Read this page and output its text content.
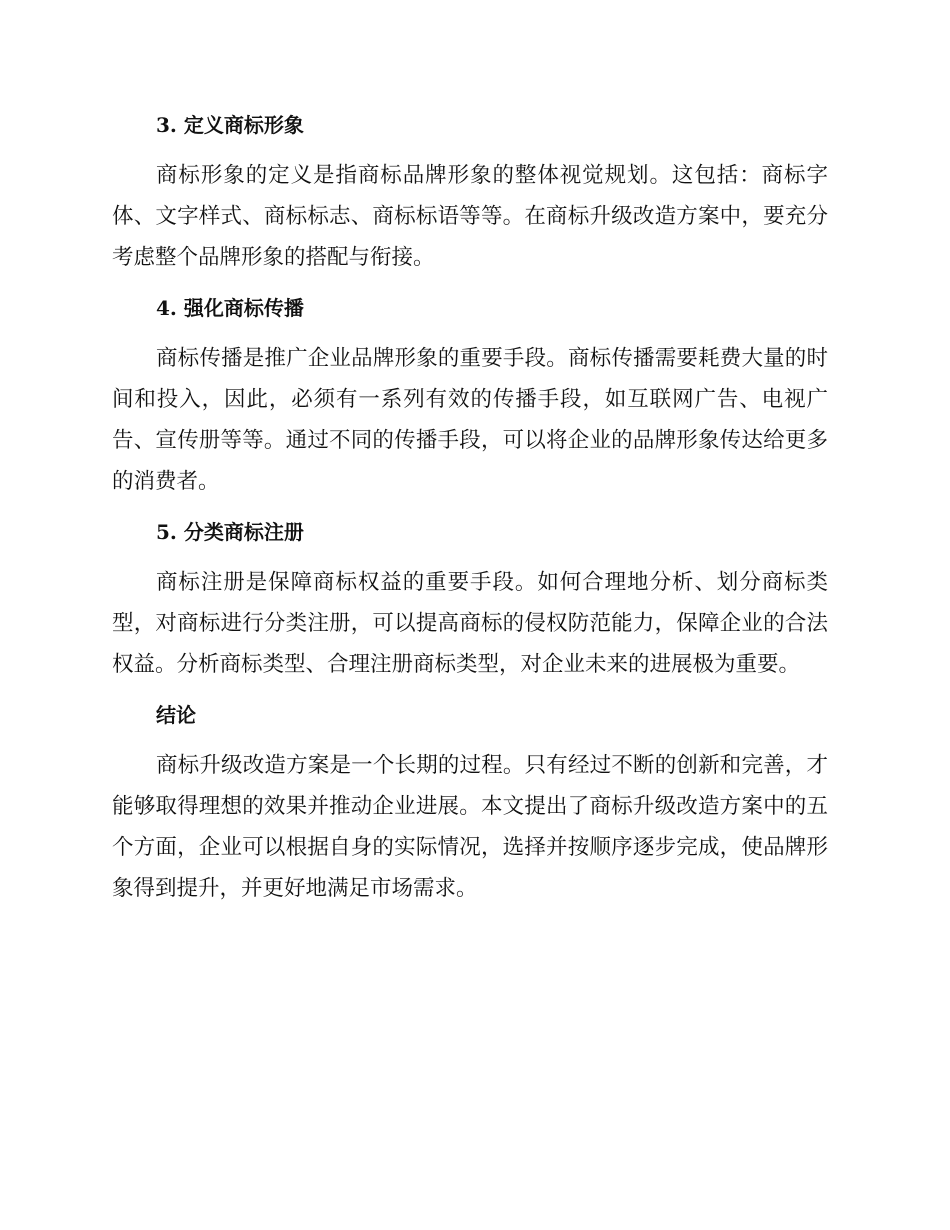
3. 定义商标形象

商标形象的定义是指商标品牌形象的整体视觉规划。这包括：商标字体、文字样式、商标标志、商标标语等等。在商标升级改造方案中，要充分考虑整个品牌形象的搭配与衔接。

4. 强化商标传播

商标传播是推广企业品牌形象的重要手段。商标传播需要耗费大量的时间和投入，因此，必须有一系列有效的传播手段，如互联网广告、电视广告、宣传册等等。通过不同的传播手段，可以将企业的品牌形象传达给更多的消费者。

5. 分类商标注册

商标注册是保障商标权益的重要手段。如何合理地分析、划分商标类型，对商标进行分类注册，可以提高商标的侵权防范能力，保障企业的合法权益。分析商标类型、合理注册商标类型，对企业未来的进展极为重要。

结论

商标升级改造方案是一个长期的过程。只有经过不断的创新和完善，才能够取得理想的效果并推动企业进展。本文提出了商标升级改造方案中的五个方面，企业可以根据自身的实际情况，选择并按顺序逐步完成，使品牌形象得到提升，并更好地满足市场需求。
